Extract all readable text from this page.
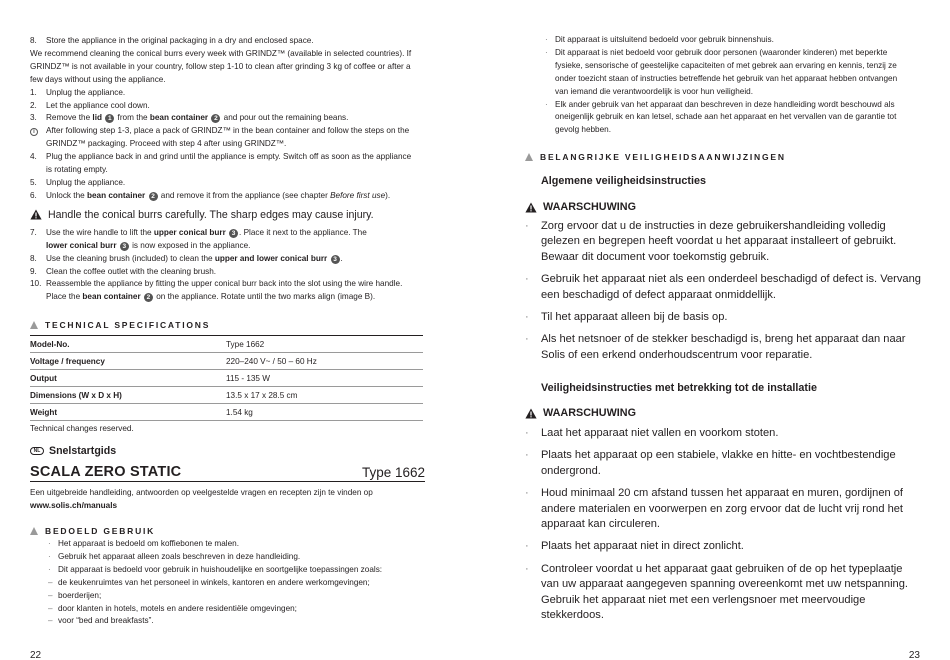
8.	Store the appliance in the original packaging in a dry and enclosed space.
We recommend cleaning the conical burrs every week with GRINDZ™ (available in selected countries). If
GRINDZ™ is not available in your country, follow step 1-10 to clean after grinding 3 kg of coffee or after a
few days without using the appliance.
1.	Unplug the appliance.
2.	Let the appliance cool down.
3.	Remove the lid 1 from the bean container 2 and pour out the remaining beans.
i	After following step 1-3, place a pack of GRINDZ™ in the bean container and follow the steps on the
GRINDZ™ packaging. Proceed with step 4 after using GRINDZ™.
4.	Plug the appliance back in and grind until the appliance is empty. Switch off as soon as the appliance
is rotating empty.
5.	Unplug the appliance.
6.	Unlock the bean container 2 and remove it from the appliance (see chapter Before first use).
Handle the conical burrs carefully. The sharp edges may cause injury.
7.	Use the wire handle to lift the upper conical burr 3 . Place it next to the appliance. The
lower conical burr 3 is now exposed in the appliance.
8.	Use the cleaning brush (included) to clean the upper and lower conical burr 3 .
9.	Clean the coffee outlet with the cleaning brush.
10. Reassemble the appliance by fitting the upper conical burr back into the slot using the wire handle.
Place the bean container 2 on the appliance. Rotate until the two marks align (image B).
TECHNICAL SPECIFICATIONS
Model-No.	Type 1662
Voltage / frequency	220–240 V~ / 50 – 60 Hz
Output	115 - 135 W
Dimensions (W x D x H)	13.5 x 17 x 28.5 cm
Weight	1.54 kg
Technical changes reserved.
NL Snelstartgids
SCALA ZERO STATIC	Type 1662
Een uitgebreide handleiding, antwoorden op veelgestelde vragen en recepten zijn te vinden op
www.solis.ch/manuals
BEDOELD GEBRUIK
· Het apparaat is bedoeld om koffiebonen te malen.
· Gebruik het apparaat alleen zoals beschreven in deze handleiding.
· Dit apparaat is bedoeld voor gebruik in huishoudelijke en soortgelijke toepassingen zoals:
– de keukenruimtes van het personeel in winkels, kantoren en andere werkomgevingen;
– boerderijen;
– door klanten in hotels, motels en andere residentiële omgevingen;
– voor “bed and breakfasts”.
22
· Dit apparaat is uitsluitend bedoeld voor gebruik binnenshuis.
· Dit apparaat is niet bedoeld voor gebruik door personen (waaronder kinderen) met beperkte
fysieke, sensorische of geestelijke capaciteiten of met gebrek aan ervaring en kennis, tenzij ze
onder toezicht staan of instructies betreffende het gebruik van het apparaat hebben ontvangen
van iemand die verantwoordelijk is voor hun veiligheid.
· Elk ander gebruik van het apparaat dan beschreven in deze handleiding wordt beschouwd als
oneigenlijk gebruik en kan letsel, schade aan het apparaat en het vervallen van de garantie tot
gevolg hebben.
BELANGRIJKE VEILIGHEIDSAANWIJZINGEN
Algemene veiligheidsinstructies
WAARSCHUWING
·	Zorg ervoor dat u de instructies in deze gebruikershandleiding volledig
gelezen en begrepen heeft voordat u het apparaat installeert of gebruikt.
Bewaar dit document voor toekomstig gebruik.
·	Gebruik het apparaat niet als een onderdeel beschadigd of defect is. Vervang
een beschadigd of defect apparaat onmiddellijk.
·	Til het apparaat alleen bij de basis op.
·	Als het netsnoer of de stekker beschadigd is, breng het apparaat dan naar
Solis of een erkend onderhoudscentrum voor reparatie.
Veiligheidsinstructies met betrekking tot de installatie
WAARSCHUWING
·	Laat het apparaat niet vallen en voorkom stoten.
·	Plaats het apparaat op een stabiele, vlakke en hitte- en vochtbestendige
ondergrond.
·	Houd minimaal 20 cm afstand tussen het apparaat en muren, gordijnen of
andere materialen en voorwerpen en zorg ervoor dat de lucht vrij rond het
apparaat kan circuleren.
·	Plaats het apparaat niet in direct zonlicht.
·	Controleer voordat u het apparaat gaat gebruiken of de op het typeplaatje
van uw apparaat aangegeven spanning overeenkomt met uw netspanning.
Gebruik het apparaat niet met een verlengsnoer met meervoudige
stekkerdoos.
23
